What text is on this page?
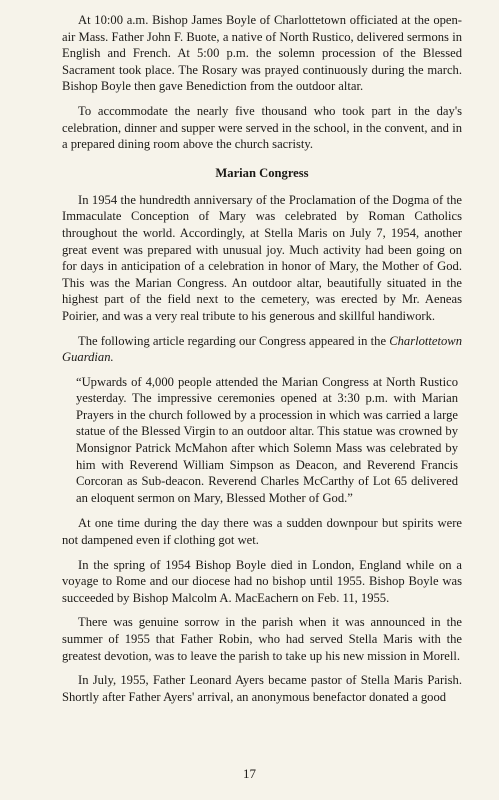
At 10:00 a.m. Bishop James Boyle of Charlottetown officiated at the open-air Mass. Father John F. Buote, a native of North Rustico, delivered sermons in English and French. At 5:00 p.m. the solemn procession of the Blessed Sacrament took place. The Rosary was prayed continuously during the march. Bishop Boyle then gave Benediction from the outdoor altar.

To accommodate the nearly five thousand who took part in the day's celebration, dinner and supper were served in the school, in the convent, and in a prepared dining room above the church sacristy.

Marian Congress

In 1954 the hundredth anniversary of the Proclamation of the Dogma of the Immaculate Conception of Mary was celebrated by Roman Catholics throughout the world. Accordingly, at Stella Maris on July 7, 1954, another great event was prepared with unusual joy. Much activity had been going on for days in anticipation of a celebration in honor of Mary, the Mother of God. This was the Marian Congress. An outdoor altar, beautifully situated in the highest part of the field next to the cemetery, was erected by Mr. Aeneas Poirier, and was a very real tribute to his generous and skillful handiwork.

The following article regarding our Congress appeared in the Charlottetown Guardian.

“Upwards of 4,000 people attended the Marian Congress at North Rustico yesterday. The impressive ceremonies opened at 3:30 p.m. with Marian Prayers in the church followed by a procession in which was carried a large statue of the Blessed Virgin to an outdoor altar. This statue was crowned by Monsignor Patrick McMahon after which Solemn Mass was celebrated by him with Reverend William Simpson as Deacon, and Reverend Francis Corcoran as Sub-deacon. Reverend Charles McCarthy of Lot 65 delivered an eloquent sermon on Mary, Blessed Mother of God.”

At one time during the day there was a sudden downpour but spirits were not dampened even if clothing got wet.

In the spring of 1954 Bishop Boyle died in London, England while on a voyage to Rome and our diocese had no bishop until 1955. Bishop Boyle was succeeded by Bishop Malcolm A. MacEachern on Feb. 11, 1955.

There was genuine sorrow in the parish when it was announced in the summer of 1955 that Father Robin, who had served Stella Maris with the greatest devotion, was to leave the parish to take up his new mission in Morell.

In July, 1955, Father Leonard Ayers became pastor of Stella Maris Parish. Shortly after Father Ayers' arrival, an anonymous benefactor donated a good

17
